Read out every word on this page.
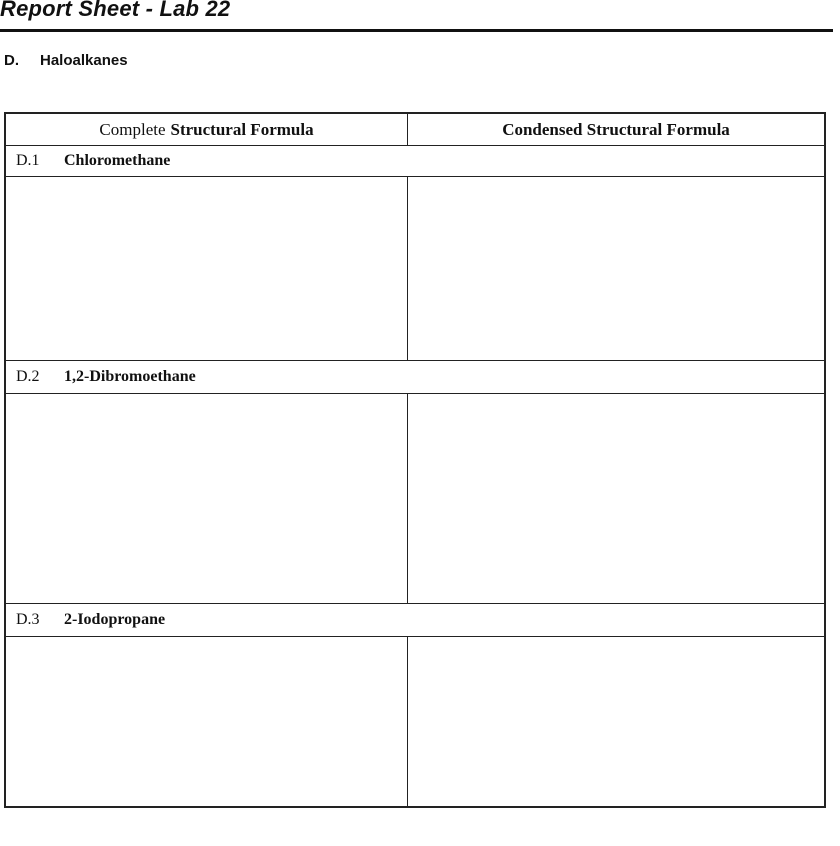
Report Sheet - Lab 22
D. Haloalkanes
Complete Structural Formula	Condensed Structural Formula
D.1	Chloromethane
D.2	1,2-Dibromoethane
D.3	2-Iodopropane
